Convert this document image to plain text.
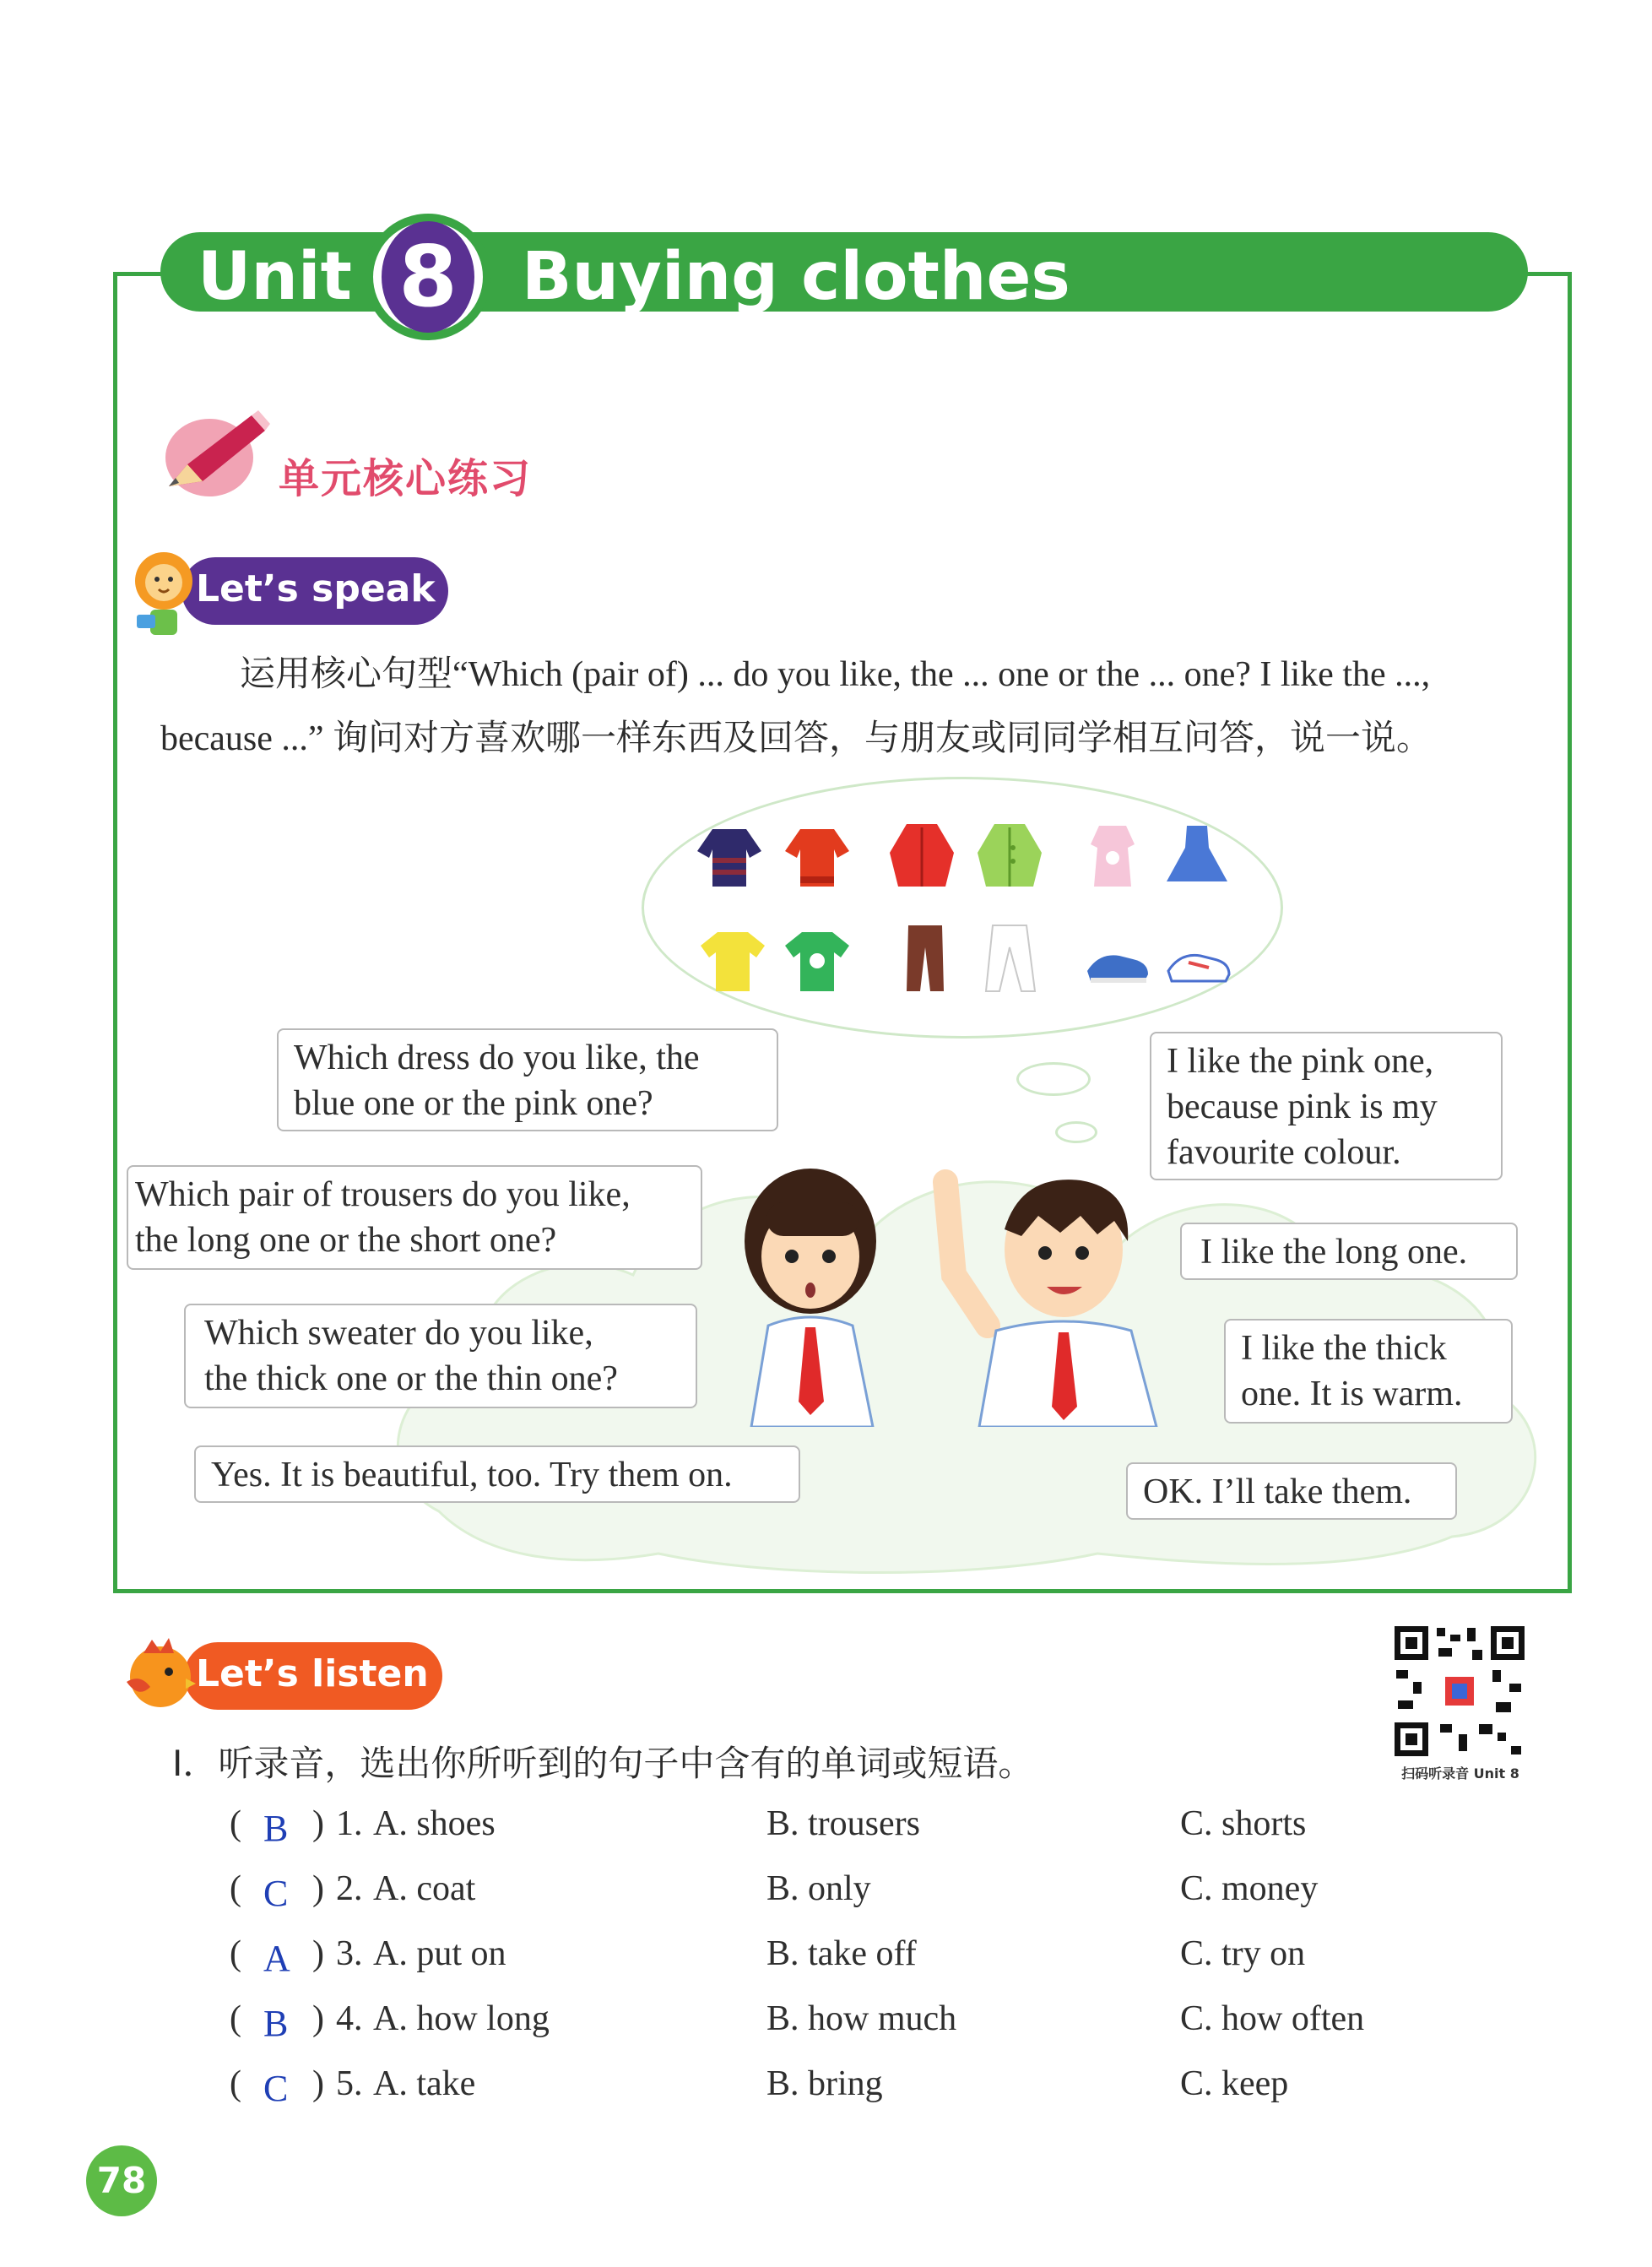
Unit 8 Buying clothes
单元核心练习
Let’s speak
运用核心句型“Which (pair of) ... do you like, the ... one or the ... one? I like the ...,
because ...” 询问对方喜欢哪一样东西及回答，与朋友或同同学相互问答，说一说。
Which dress do you like, the
blue one or the pink one?
Which pair of trousers do you like,
the long one or the short one?
Which sweater do you like,
the thick one or the thin one?
Yes. It is beautiful, too. Try them on.
I like the pink one,
because pink is my
favourite colour.
I like the long one.
I like the thick
one. It is warm.
OK. I’ll take them.
Let’s listen
扫码听录音 Unit 8
Ⅰ．听录音，选出你所听到的句子中含有的单词或短语。
( B ) 1. A. shoes	B. trousers	C. shorts
( C ) 2. A. coat	B. only	C. money
( A ) 3. A. put on	B. take off	C. try on
( B ) 4. A. how long	B. how much	C. how often
( C ) 5. A. take	B. bring	C. keep
78
